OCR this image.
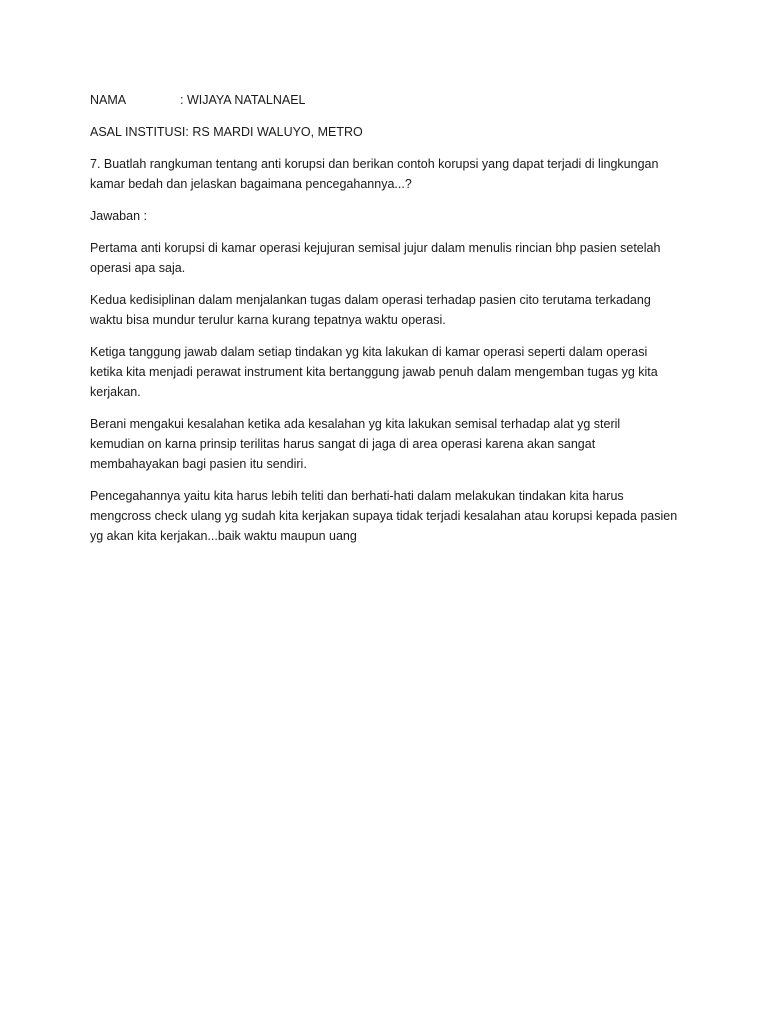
NAMA	: WIJAYA NATALNAEL
ASAL INSTITUSI: RS MARDI WALUYO, METRO
7. Buatlah rangkuman tentang anti korupsi dan berikan contoh korupsi yang dapat terjadi di lingkungan
kamar bedah dan jelaskan bagaimana pencegahannya...?
Jawaban :
Pertama anti korupsi di kamar operasi kejujuran semisal jujur dalam menulis rincian bhp pasien setelah
operasi apa saja.
Kedua kedisiplinan dalam menjalankan tugas dalam operasi terhadap pasien cito terutama terkadang
waktu bisa mundur terulur karna kurang tepatnya waktu operasi.
Ketiga tanggung jawab dalam setiap tindakan yg kita lakukan di kamar operasi seperti dalam operasi
ketika kita menjadi perawat instrument kita bertanggung jawab penuh dalam mengemban tugas yg kita
kerjakan.
Berani mengakui kesalahan ketika ada kesalahan yg kita lakukan semisal terhadap alat yg steril
kemudian on karna prinsip terilitas harus sangat di jaga di area operasi karena akan sangat
membahayakan bagi pasien itu sendiri.
Pencegahannya yaitu kita harus lebih teliti dan berhati-hati dalam melakukan tindakan kita harus
mengcross check ulang yg sudah kita kerjakan supaya tidak terjadi kesalahan atau korupsi kepada pasien
yg akan kita kerjakan...baik waktu maupun uang
